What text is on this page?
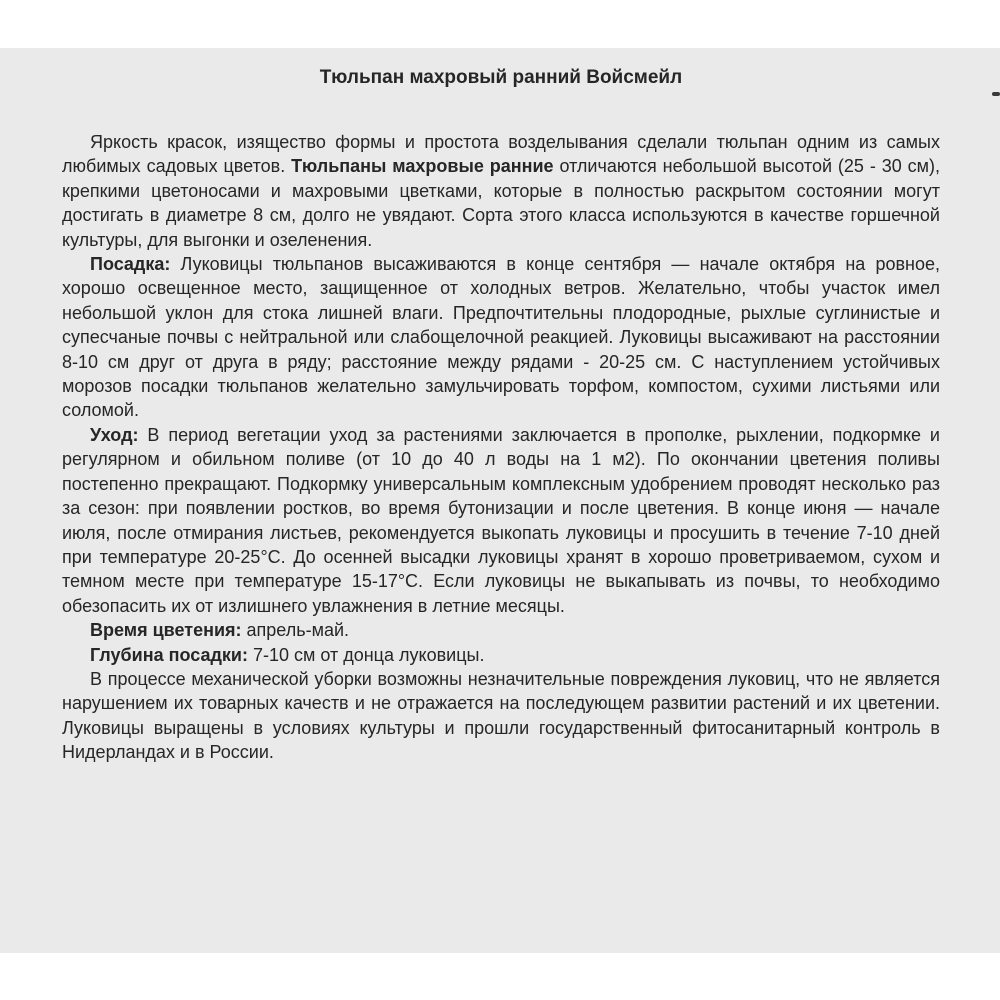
Тюльпан махровый ранний Войсмейл

Яркость красок, изящество формы и простота возделывания сделали тюльпан одним из самых любимых садовых цветов. Тюльпаны махровые ранние отличаются небольшой высотой (25 - 30 см), крепкими цветоносами и махровыми цветками, которые в полностью раскрытом состоянии могут достигать в диаметре 8 см, долго не увядают. Сорта этого класса используются в качестве горшечной культуры, для выгонки и озеленения.

Посадка: Луковицы тюльпанов высаживаются в конце сентября — начале октября на ровное, хорошо освещенное место, защищенное от холодных ветров. Желательно, чтобы участок имел небольшой уклон для стока лишней влаги. Предпочтительны плодородные, рыхлые суглинистые и супесчаные почвы с нейтральной или слабощелочной реакцией. Луковицы высаживают на расстоянии 8-10 см друг от друга в ряду; расстояние между рядами - 20-25 см. С наступлением устойчивых морозов посадки тюльпанов желательно замульчировать торфом, компостом, сухими листьями или соломой.

Уход: В период вегетации уход за растениями заключается в прополке, рыхлении, подкормке и регулярном и обильном поливе (от 10 до 40 л воды на 1 м2). По окончании цветения поливы постепенно прекращают. Подкормку универсальным комплексным удобрением проводят несколько раз за сезон: при появлении ростков, во время бутонизации и после цветения. В конце июня — начале июля, после отмирания листьев, рекомендуется выкопать луковицы и просушить в течение 7-10 дней при температуре 20-25°С. До осенней высадки луковицы хранят в хорошо проветриваемом, сухом и темном месте при температуре 15-17°С. Если луковицы не выкапывать из почвы, то необходимо обезопасить их от излишнего увлажнения в летние месяцы.

Время цветения: апрель-май.

Глубина посадки: 7-10 см от донца луковицы.

В процессе механической уборки возможны незначительные повреждения луковиц, что не является нарушением их товарных качеств и не отражается на последующем развитии растений и их цветении. Луковицы выращены в условиях культуры и прошли государственный фитосанитарный контроль в Нидерландах и в России.
